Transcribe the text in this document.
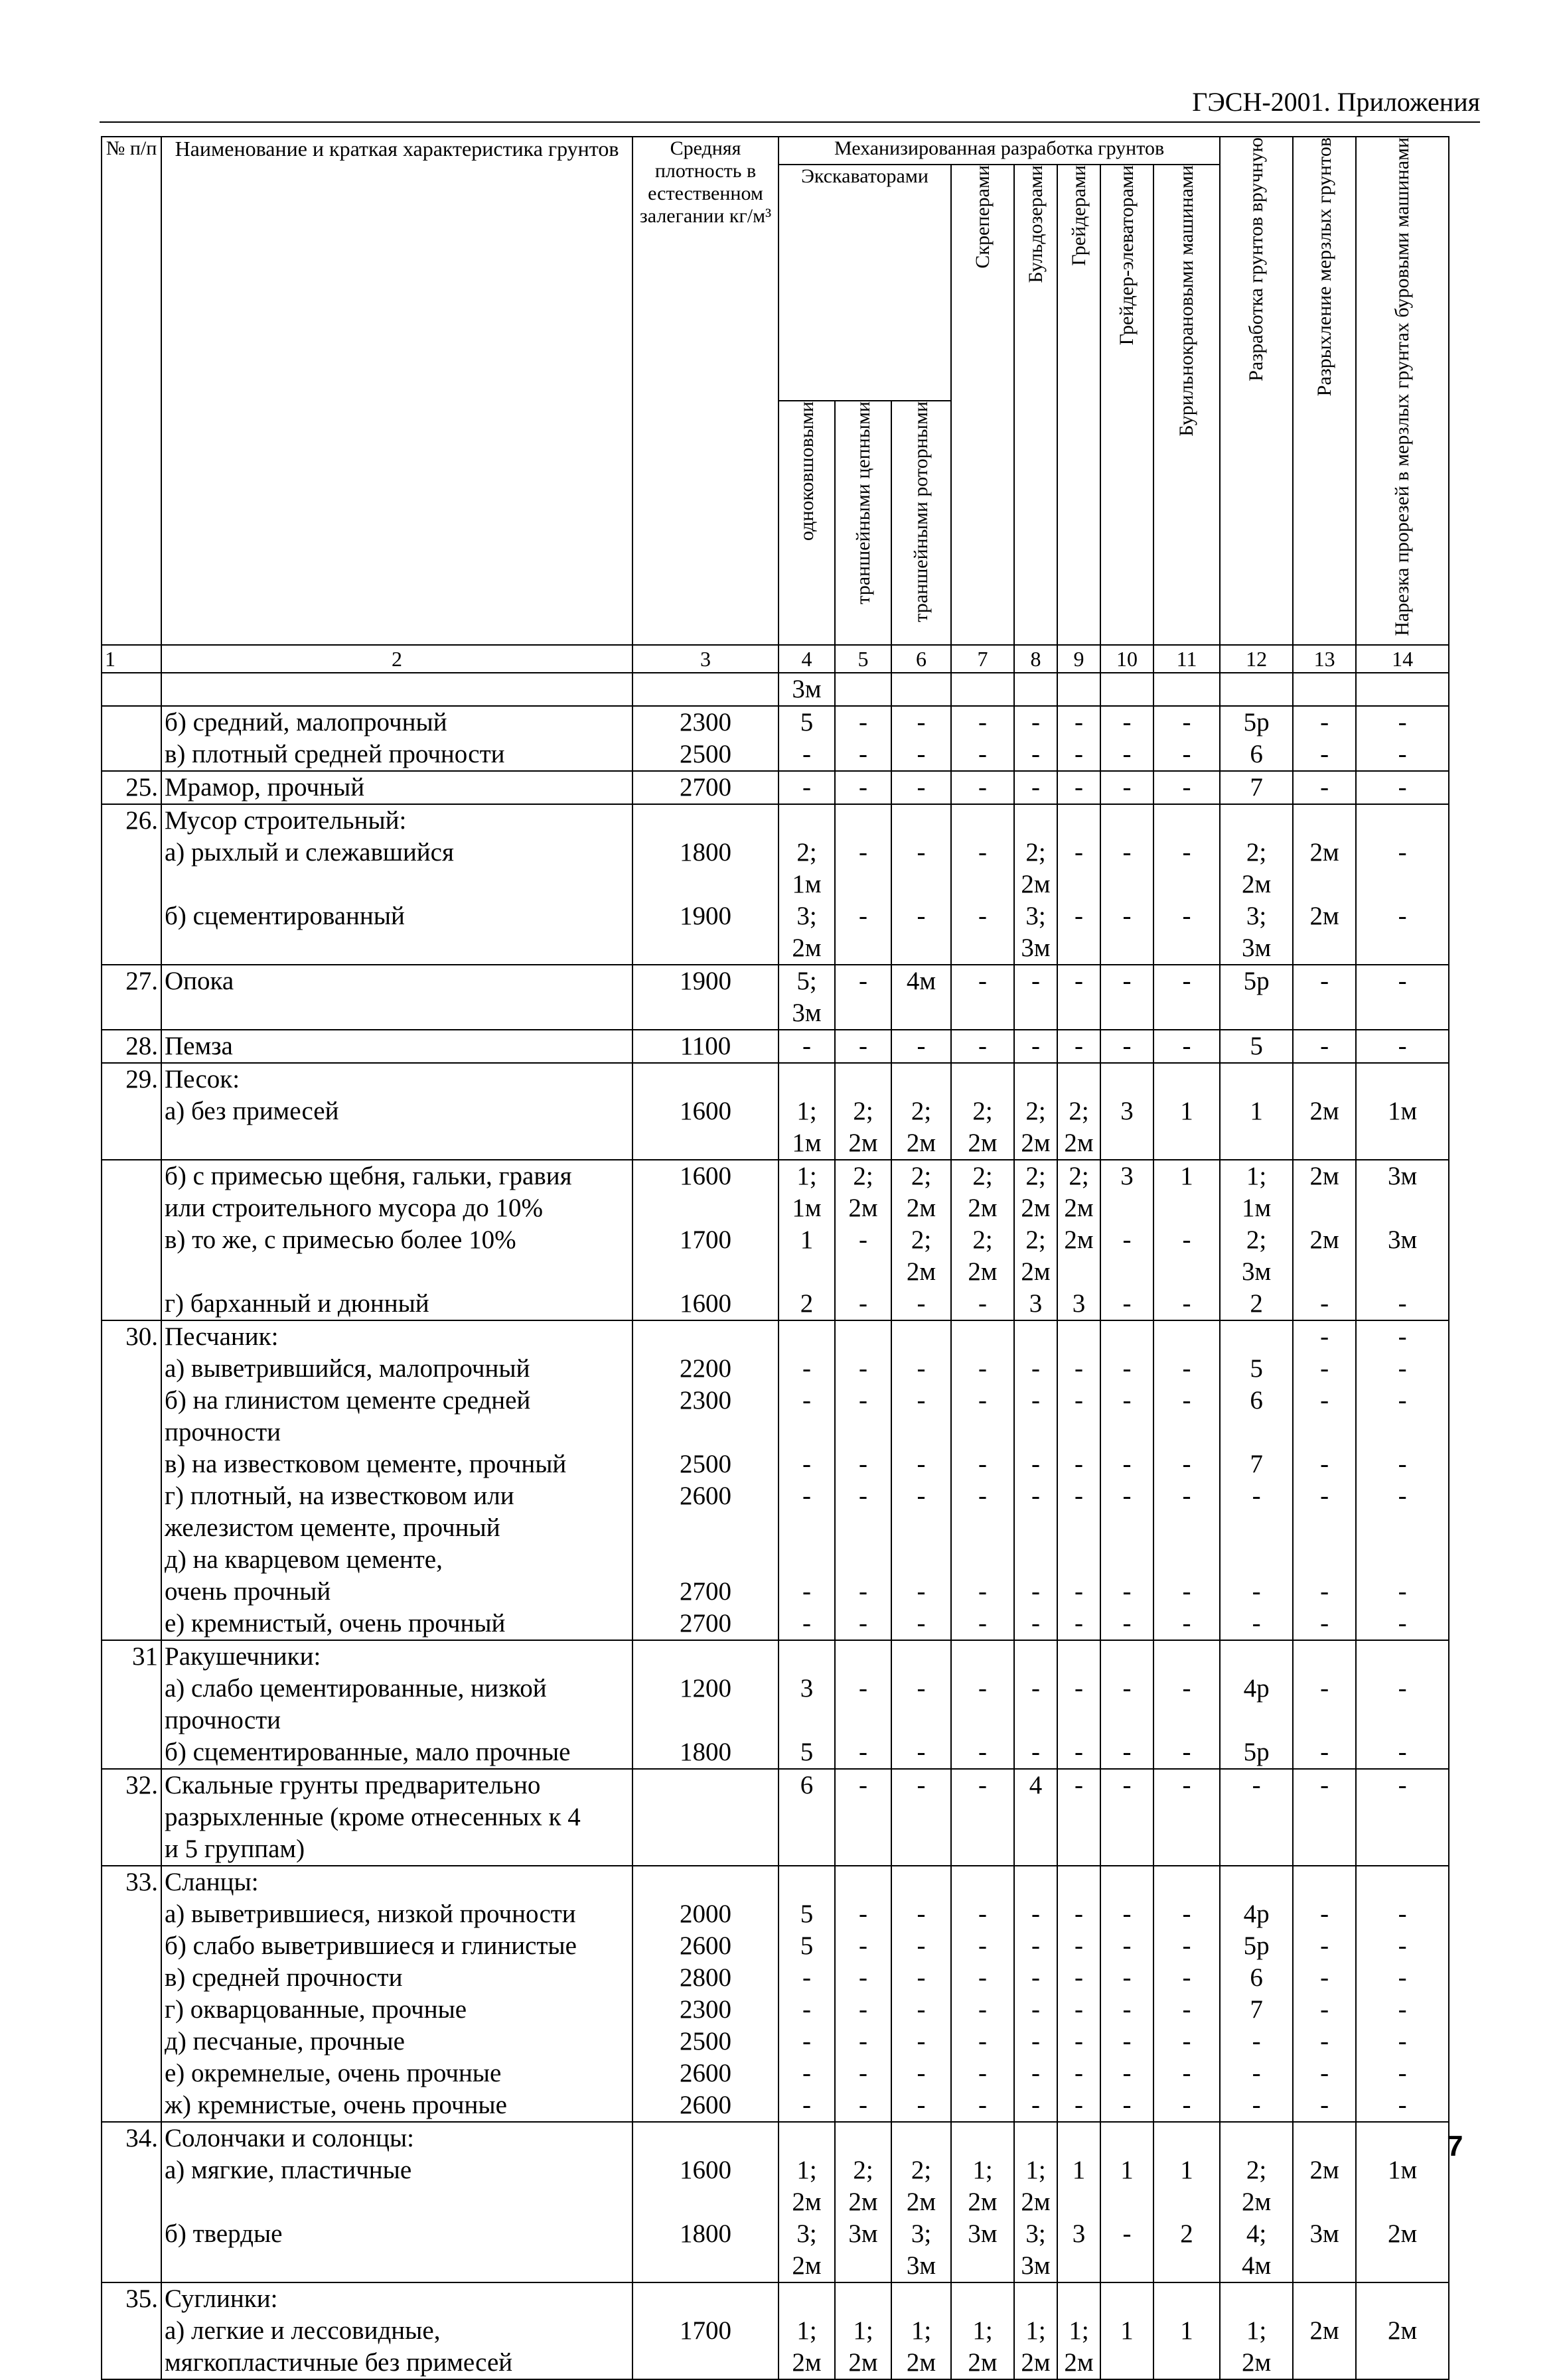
ГЭСН-2001. Приложения
№ п/п	Наименование и краткая характеристика грунтов	Средняя плотность в естественном залегании кг/м³	Механизированная разработка грунтов								Разработка грунтов вручную	Разрыхление мерзлых грунтов	Нарезка прорезей в мерзлых грунтах буровыми машинами
			Экскаваторами			Скреперами	Бульдозерами	Грейдерами	Грейдер-элеваторами	Бурильнокрановыми машинами			
			одноковшовыми	траншейными цепными	траншейными роторными								
1	2	3	4	5	6	7	8	9	10	11	12	13	14
			3м										
	б) средний, малопрочный	2300	5	-	-	-	-	-	-	-	5р	-	-
	в) плотный средней прочности	2500	-	-	-	-	-	-	-	-	6	-	-
25.	Мрамор, прочный	2700	-	-	-	-	-	-	-	-	7	-	-
26.	Мусор строительный:												
	а) рыхлый и слежавшийся	1800	2;	-	-	-	2;	-	-	-	2;	2м	-
			1м				2м				2м		
	б) сцементированный	1900	3;	-	-	-	3;	-	-	-	3;	2м	-
			2м				3м				3м		
27.	Опока	1900	5;	-	4м	-	-	-	-	-	5р	-	-
			3м										
28.	Пемза	1100	-	-	-	-	-	-	-	-	5	-	-
29.	Песок:												
	а) без примесей	1600	1;	2;	2;	2;	2;	2;	3	1	1	2м	1м
			1м	2м	2м	2м	2м	2м					
	б) с примесью щебня, гальки, гравия	1600	1;	2;	2;	2;	2;	2;	3	1	1;	2м	3м
	или строительного мусора до 10%		1м	2м	2м	2м	2м	2м			1м		
	в) то же, с примесью более 10%	1700	1	-	2;	2;	2;	2м	-	-	2;	2м	3м
					2м	2м	2м				3м		
	г) барханный и дюнный	1600	2	-	-	-	3	3	-	-	2	-	-
30.	Песчаник:											-	-
	а) выветрившийся, малопрочный	2200	-	-	-	-	-	-	-	-	5	-	-
	б) на глинистом цементе средней	2300	-	-	-	-	-	-	-	-	6	-	-
	прочности												
	в) на известковом цементе, прочный	2500	-	-	-	-	-	-	-	-	7	-	-
	г) плотный, на известковом или	2600	-	-	-	-	-	-	-	-	-	-	-
	железистом цементе, прочный												
	д) на кварцевом цементе,												
	очень прочный	2700	-	-	-	-	-	-	-	-	-	-	-
	е) кремнистый, очень прочный	2700	-	-	-	-	-	-	-	-	-	-	-
31	Ракушечники:												
	а) слабо цементированные, низкой	1200	3	-	-	-	-	-	-	-	4р	-	-
	прочности												
	б) сцементированные, мало прочные	1800	5	-	-	-	-	-	-	-	5р	-	-
32.	Скальные грунты предварительно		6	-	-	-	4	-	-	-	-	-	-
	разрыхленные (кроме отнесенных к 4												
	и 5 группам)												
33.	Сланцы:												
	а) выветрившиеся, низкой прочности	2000	5	-	-	-	-	-	-	-	4р	-	-
	б) слабо выветрившиеся и глинистые	2600	5	-	-	-	-	-	-	-	5р	-	-
	в) средней прочности	2800	-	-	-	-	-	-	-	-	6	-	-
	г) окварцованные, прочные	2300	-	-	-	-	-	-	-	-	7	-	-
	д) песчаные, прочные	2500	-	-	-	-	-	-	-	-	-	-	-
	е) окремнелые, очень прочные	2600	-	-	-	-	-	-	-	-	-	-	-
	ж) кремнистые, очень прочные	2600	-	-	-	-	-	-	-	-	-	-	-
34.	Солончаки и солонцы:												
	а) мягкие, пластичные	1600	1;	2;	2;	1;	1;	1	1	1	2;	2м	1м
			2м	2м	2м	2м	2м				2м		
	б) твердые	1800	3;	3м	3;	3м	3;	3	-	2	4;	3м	2м
			2м		3м		3м				4м		
35.	Суглинки:												
	а) легкие и лессовидные,	1700	1;	1;	1;	1;	1;	1;	1	1	1;	2м	2м
	мягкопластичные без примесей		2м	2м	2м	2м	2м	2м			2м		
7
